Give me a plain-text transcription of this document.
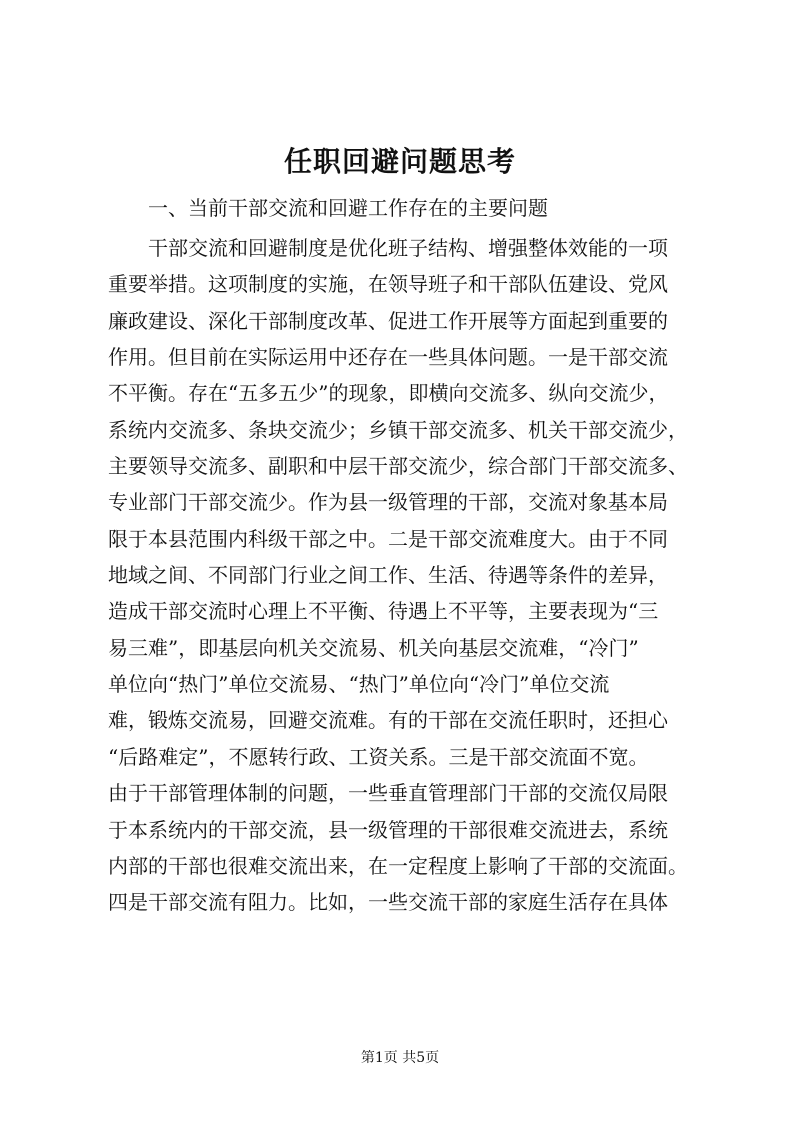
任职回避问题思考
一、当前干部交流和回避工作存在的主要问题
干部交流和回避制度是优化班子结构、增强整体效能的一项
重要举措。这项制度的实施，在领导班子和干部队伍建设、党风
廉政建设、深化干部制度改革、促进工作开展等方面起到重要的
作用。但目前在实际运用中还存在一些具体问题。一是干部交流
不平衡。存在“五多五少”的现象，即横向交流多、纵向交流少，
系统内交流多、条块交流少；乡镇干部交流多、机关干部交流少，
主要领导交流多、副职和中层干部交流少，综合部门干部交流多、
专业部门干部交流少。作为县一级管理的干部，交流对象基本局
限于本县范围内科级干部之中。二是干部交流难度大。由于不同
地域之间、不同部门行业之间工作、生活、待遇等条件的差异，
造成干部交流时心理上不平衡、待遇上不平等，主要表现为“三
易三难”，即基层向机关交流易、机关向基层交流难，“冷门”
单位向“热门”单位交流易、“热门”单位向“冷门”单位交流
难，锻炼交流易，回避交流难。有的干部在交流任职时，还担心
“后路难定”，不愿转行政、工资关系。三是干部交流面不宽。
由于干部管理体制的问题，一些垂直管理部门干部的交流仅局限
于本系统内的干部交流，县一级管理的干部很难交流进去，系统
内部的干部也很难交流出来，在一定程度上影响了干部的交流面。
四是干部交流有阻力。比如，一些交流干部的家庭生活存在具体
第1页 共5页
